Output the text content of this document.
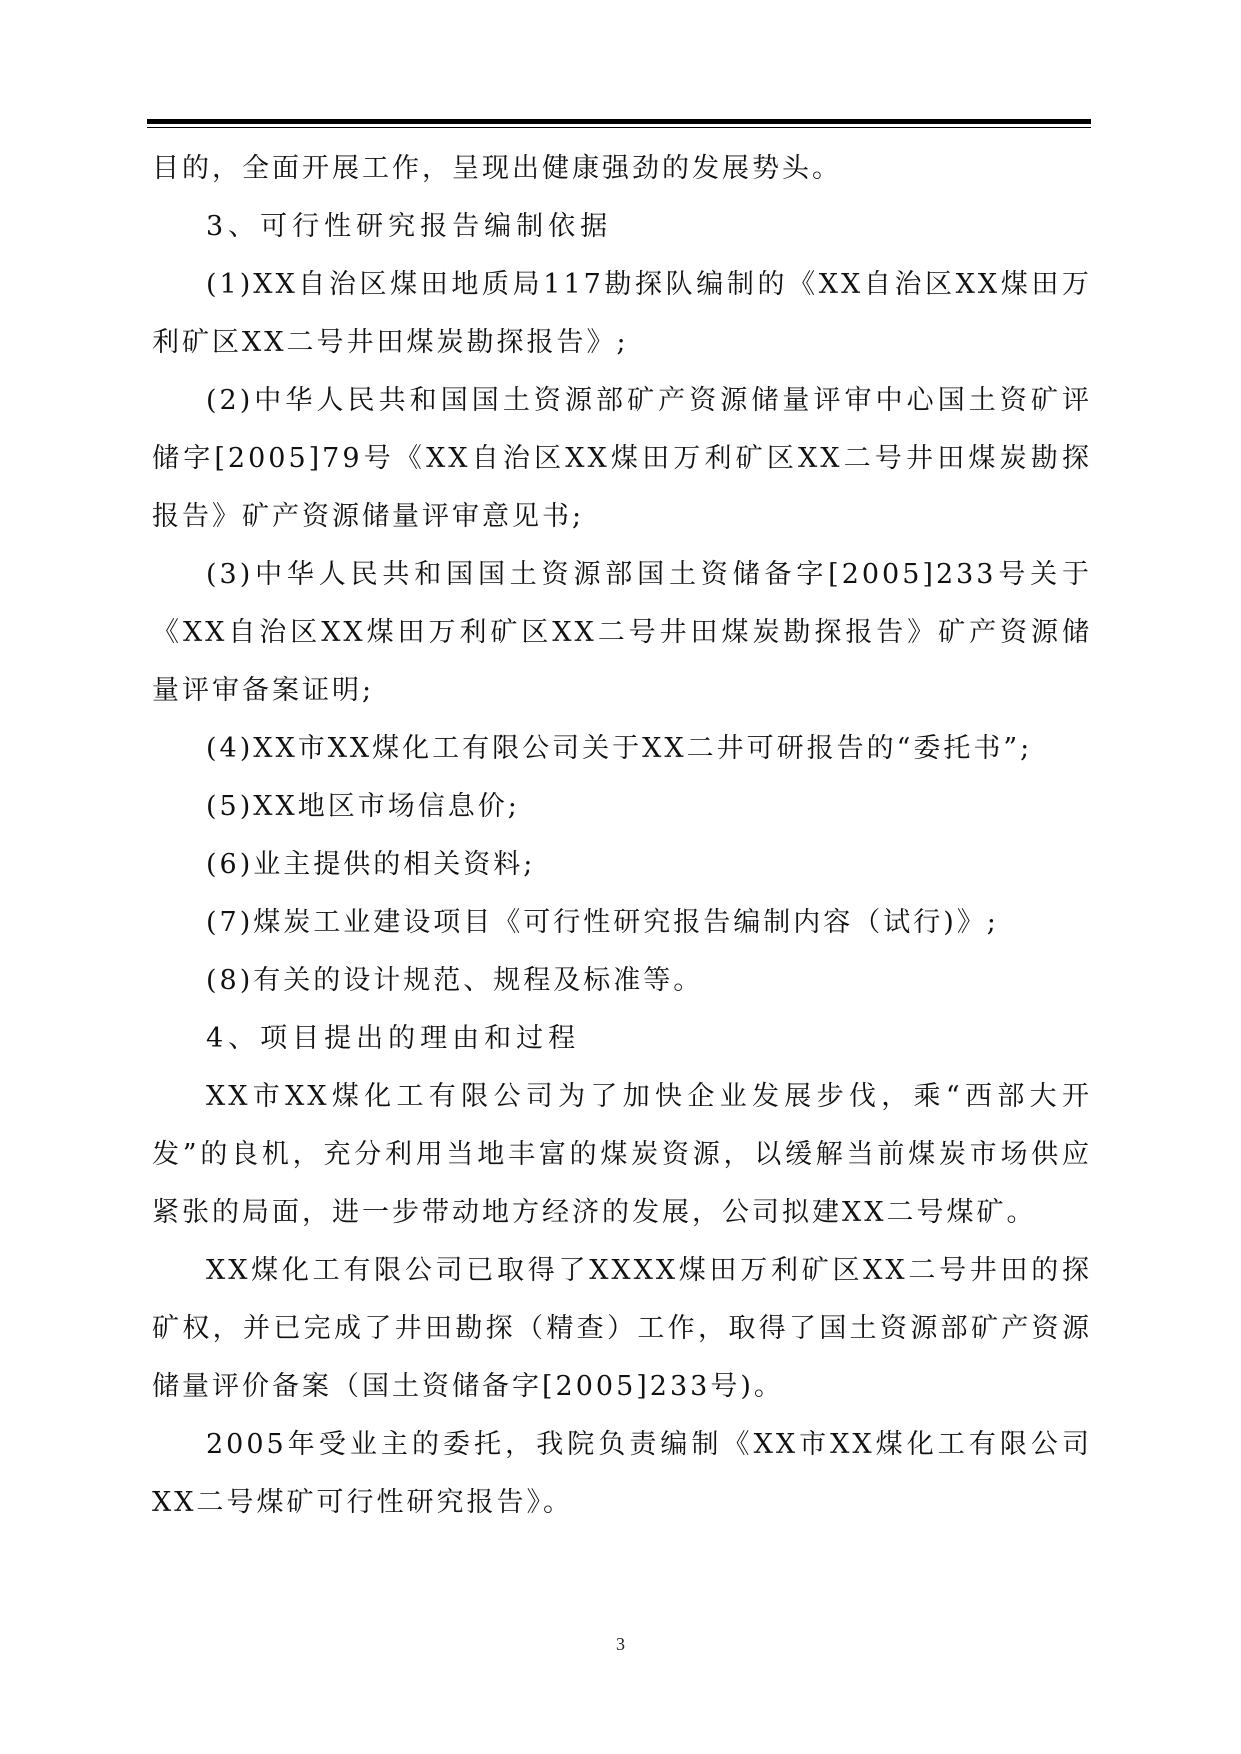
目的，全面开展工作，呈现出健康强劲的发展势头。

3、可行性研究报告编制依据

(1)XX自治区煤田地质局117勘探队编制的《XX自治区XX煤田万利矿区XX二号井田煤炭勘探报告》;

(2)中华人民共和国国土资源部矿产资源储量评审中心国土资矿评储字[2005]79号《XX自治区XX煤田万利矿区XX二号井田煤炭勘探报告》矿产资源储量评审意见书;

(3)中华人民共和国国土资源部国土资储备字[2005]233号关于《XX自治区XX煤田万利矿区XX二号井田煤炭勘探报告》矿产资源储量评审备案证明;

(4)XX市XX煤化工有限公司关于XX二井可研报告的“委托书”;

(5)XX地区市场信息价;

(6)业主提供的相关资料;

(7)煤炭工业建设项目《可行性研究报告编制内容（试行)》;

(8)有关的设计规范、规程及标准等。

4、项目提出的理由和过程

XX市XX煤化工有限公司为了加快企业发展步伐，乘“西部大开发”的良机，充分利用当地丰富的煤炭资源，以缓解当前煤炭市场供应紧张的局面，进一步带动地方经济的发展，公司拟建XX二号煤矿。

XX煤化工有限公司已取得了XXXX煤田万利矿区XX二号井田的探矿权，并已完成了井田勘探（精查）工作，取得了国土资源部矿产资源储量评价备案（国土资储备字[2005]233号)。

2005年受业主的委托，我院负责编制《XX市XX煤化工有限公司XX二号煤矿可行性研究报告》。

3
